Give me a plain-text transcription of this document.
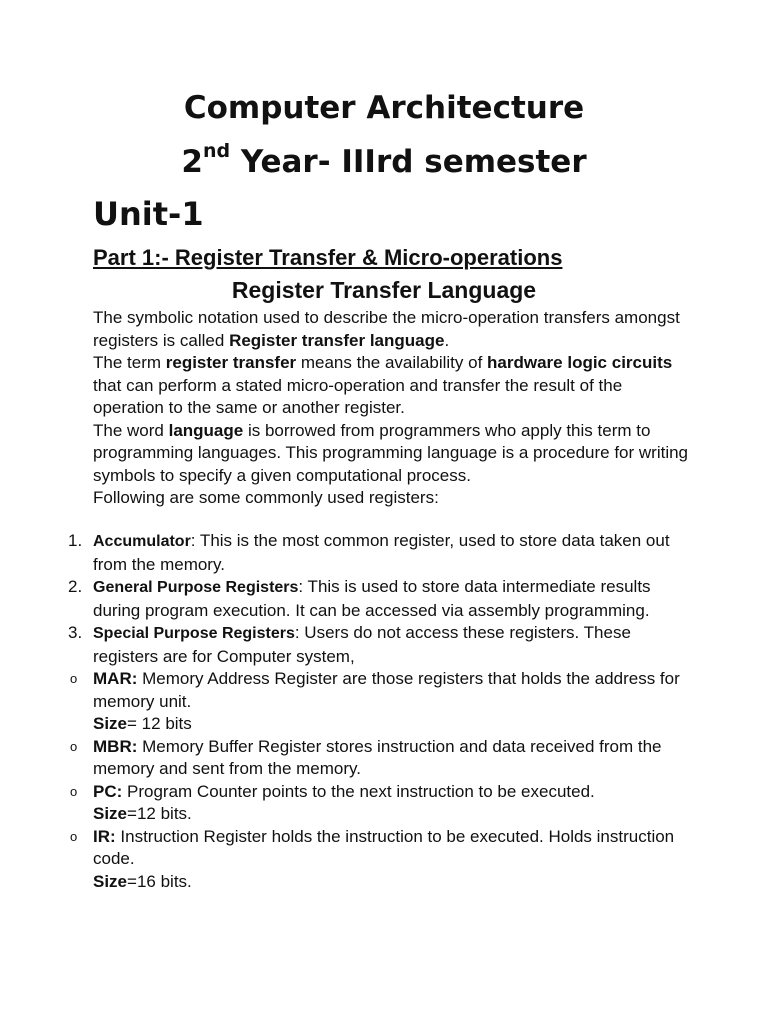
Computer Architecture
2nd Year- IIIrd semester
Unit-1
Part 1:- Register Transfer & Micro-operations
Register Transfer Language

The symbolic notation used to describe the micro-operation transfers amongst registers is called Register transfer language.

The term register transfer means the availability of hardware logic circuits that can perform a stated micro-operation and transfer the result of the operation to the same or another register.

The word language is borrowed from programmers who apply this term to programming languages. This programming language is a procedure for writing symbols to specify a given computational process.

Following are some commonly used registers:

1. Accumulator: This is the most common register, used to store data taken out from the memory.
2. General Purpose Registers: This is used to store data intermediate results during program execution. It can be accessed via assembly programming.
3. Special Purpose Registers: Users do not access these registers. These registers are for Computer system,
o MAR: Memory Address Register are those registers that holds the address for memory unit.
Size= 12 bits
o MBR: Memory Buffer Register stores instruction and data received from the memory and sent from the memory.
o PC: Program Counter points to the next instruction to be executed.
Size=12 bits.
o IR: Instruction Register holds the instruction to be executed. Holds instruction code.
Size=16 bits.
